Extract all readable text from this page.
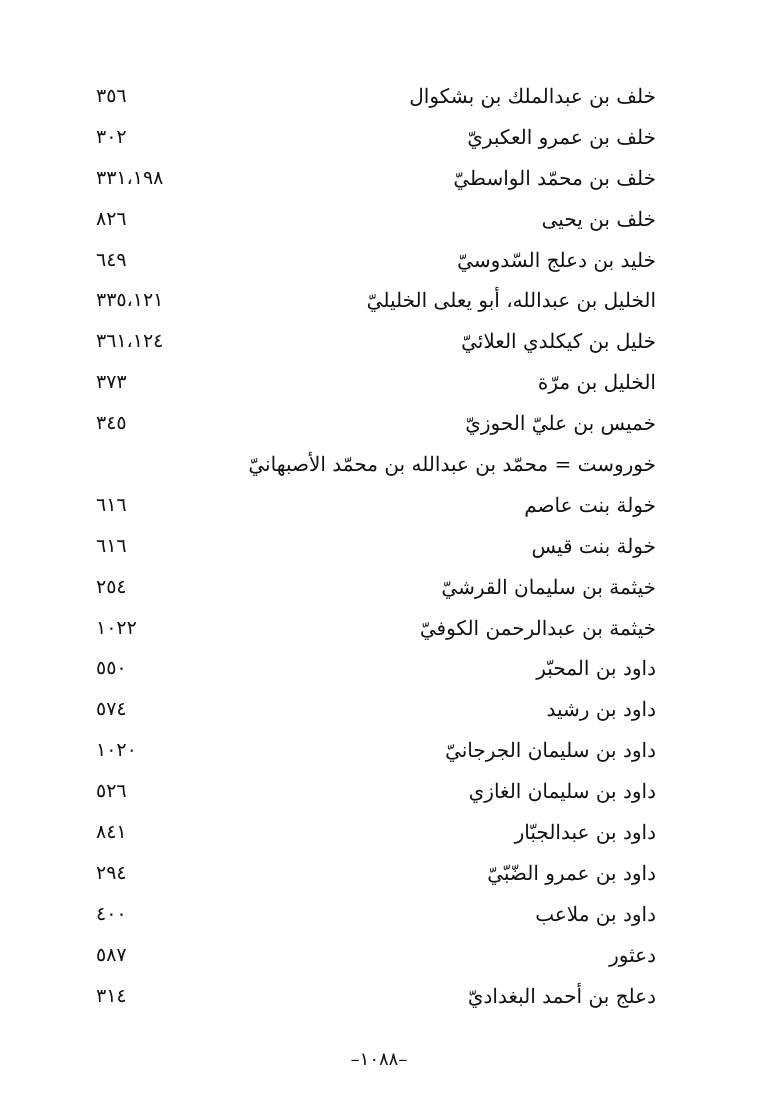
خلف بن عبدالملك بن بشكوال
٣٥٦
خلف بن عمرو العكبريّ
٣٠٢
خلف بن محمّد الواسطيّ
٣٣١،١٩٨
خلف بن يحيى
٨٢٦
خليد بن دعلج السّدوسيّ
٦٤٩
الخليل بن عبدالله، أبو يعلى الخليليّ
٣٣٥،١٢١
خليل بن كيكلدي العلائيّ
٣٦١،١٢٤
الخليل بن مرّة
٣٧٣
خميس بن عليّ الحوزيّ
٣٤٥
خوروست = محمّد بن عبدالله بن محمّد الأصبهانيّ
خولة بنت عاصم
٦١٦
خولة بنت قيس
٦١٦
خيثمة بن سليمان القرشيّ
٢٥٤
خيثمة بن عبدالرحمن الكوفيّ
١٠٢٢
داود بن المحبّر
٥٥٠
داود بن رشيد
٥٧٤
داود بن سليمان الجرجانيّ
١٠٢٠
داود بن سليمان الغازي
٥٢٦
داود بن عبدالجبّار
٨٤١
داود بن عمرو الضّبّيّ
٢٩٤
داود بن ملاعب
٤٠٠
دعثور
٥٨٧
دعلج بن أحمد البغداديّ
٣١٤
–١٠٨٨–
